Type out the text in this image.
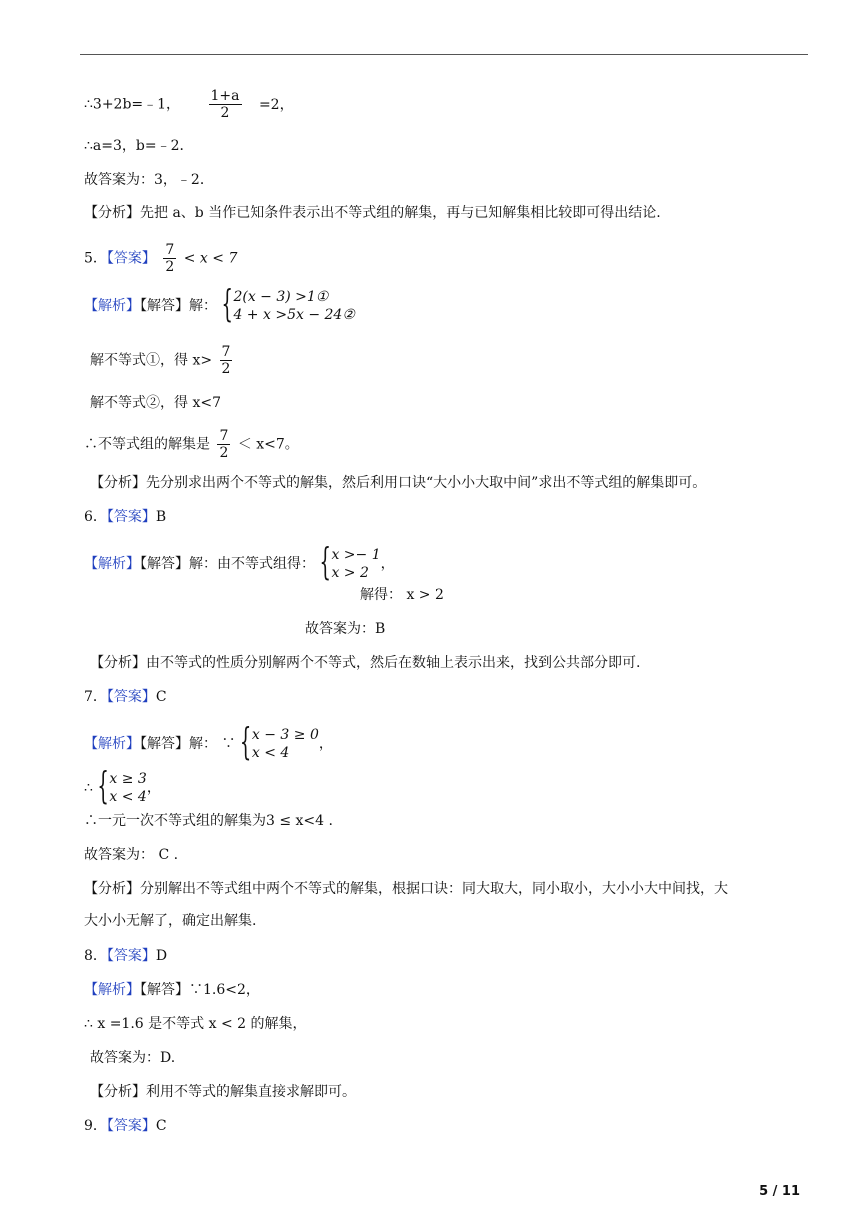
∴3+2b=﹣1， $\frac{1+a}{2} =2$，
∴a=3，b=﹣2．
故答案为：3，﹣2．
【分析】先把 a、b 当作已知条件表示出不等式组的解集，再与已知解集相比较即可得出结论.
5．【答案】 $\frac{7}{2} < x < 7$
【解析】【解答】解： { 2(x − 3) >1①
4 + x >5x − 24②
解不等式①，得 $x> \frac{7}{2}$
解不等式②，得 x<7
∴不等式组的解集是 $\frac{7}{2} < x<7$。
【分析】先分别求出两个不等式的解集，然后利用口诀“大小小大取中间”求出不等式组的解集即可。
6．【答案】B
【解析】【解答】解：由不等式组得： { x >− 1
x > 2
，
解得： x > 2
故答案为：B
【分析】由不等式的性质分别解两个不等式，然后在数轴上表示出来，找到公共部分即可.
7．【答案】C
【解析】【解答】解： ∵ { x − 3 ≥ 0
x < 4
，
∴ { x ≥ 3
x < 4
，
∴一元一次不等式组的解集为3 ≤ x<4 .
故答案为： C .
【分析】分别解出不等式组中两个不等式的解集，根据口诀：同大取大，同小取小，大小小大中间找，大
大小小无解了，确定出解集.
8．【答案】D
【解析】【解答】∵1.6<2，
∴ x =1.6 是不等式 x < 2 的解集，
故答案为：D.
【分析】利用不等式的解集直接求解即可。
9．【答案】C
5 / 11
